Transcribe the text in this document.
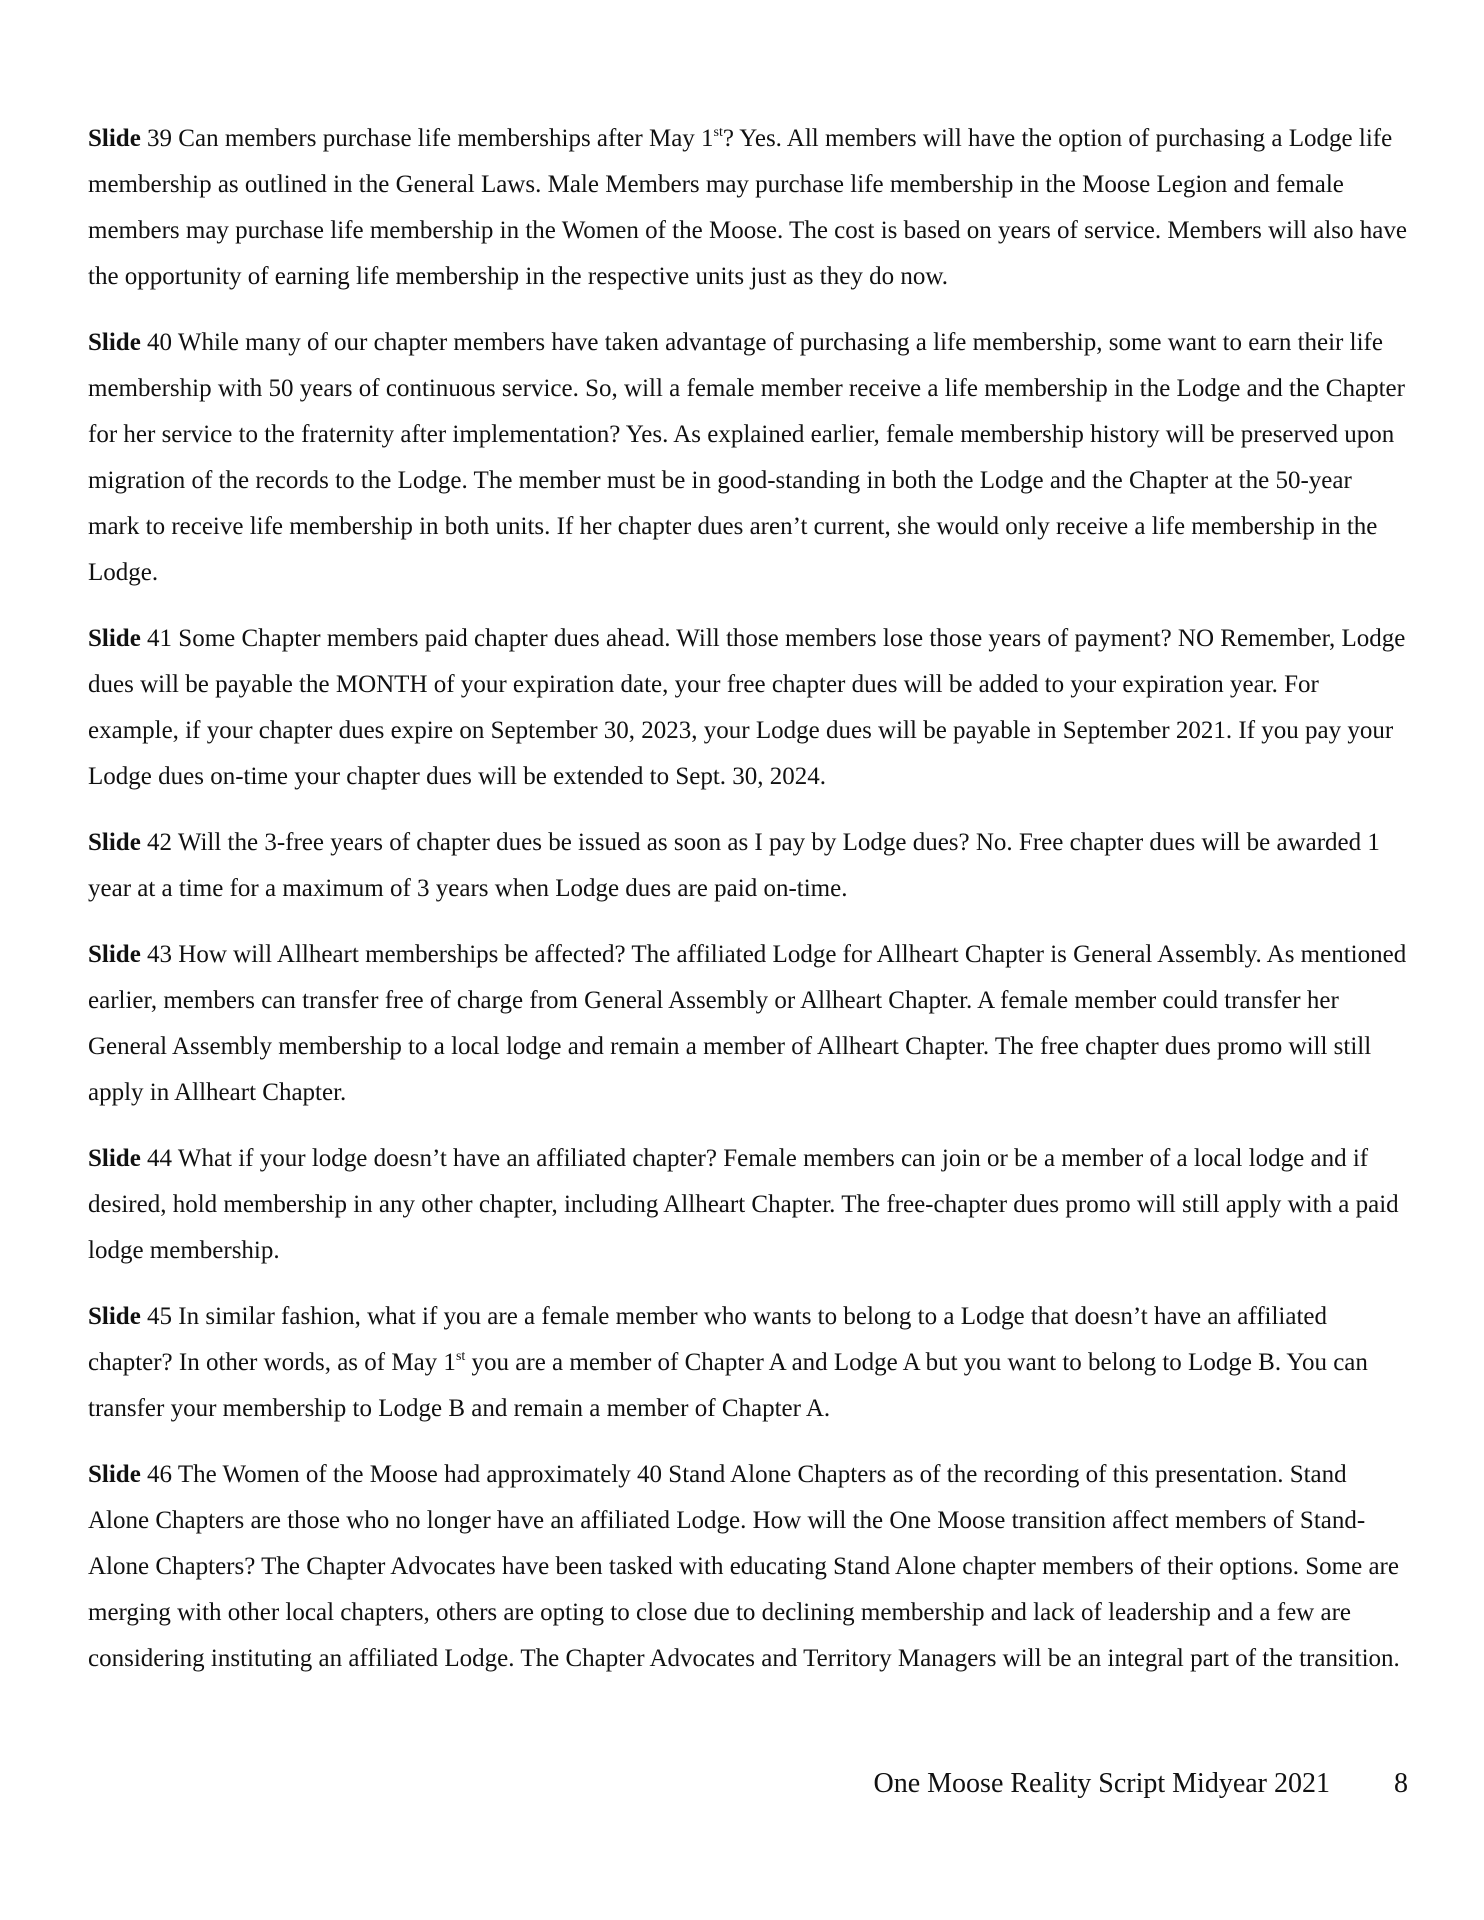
Slide 39 Can members purchase life memberships after May 1st? Yes. All members will have the option of purchasing a Lodge life membership as outlined in the General Laws. Male Members may purchase life membership in the Moose Legion and female members may purchase life membership in the Women of the Moose. The cost is based on years of service. Members will also have the opportunity of earning life membership in the respective units just as they do now.

Slide 40 While many of our chapter members have taken advantage of purchasing a life membership, some want to earn their life membership with 50 years of continuous service. So, will a female member receive a life membership in the Lodge and the Chapter for her service to the fraternity after implementation? Yes. As explained earlier, female membership history will be preserved upon migration of the records to the Lodge. The member must be in good-standing in both the Lodge and the Chapter at the 50-year mark to receive life membership in both units. If her chapter dues aren’t current, she would only receive a life membership in the Lodge.

Slide 41 Some Chapter members paid chapter dues ahead. Will those members lose those years of payment? NO Remember, Lodge dues will be payable the MONTH of your expiration date, your free chapter dues will be added to your expiration year. For example, if your chapter dues expire on September 30, 2023, your Lodge dues will be payable in September 2021. If you pay your Lodge dues on-time your chapter dues will be extended to Sept. 30, 2024.

Slide 42 Will the 3-free years of chapter dues be issued as soon as I pay by Lodge dues? No. Free chapter dues will be awarded 1 year at a time for a maximum of 3 years when Lodge dues are paid on-time.

Slide 43 How will Allheart memberships be affected? The affiliated Lodge for Allheart Chapter is General Assembly. As mentioned earlier, members can transfer free of charge from General Assembly or Allheart Chapter. A female member could transfer her General Assembly membership to a local lodge and remain a member of Allheart Chapter. The free chapter dues promo will still apply in Allheart Chapter.

Slide 44 What if your lodge doesn’t have an affiliated chapter? Female members can join or be a member of a local lodge and if desired, hold membership in any other chapter, including Allheart Chapter. The free-chapter dues promo will still apply with a paid lodge membership.

Slide 45 In similar fashion, what if you are a female member who wants to belong to a Lodge that doesn’t have an affiliated chapter? In other words, as of May 1st you are a member of Chapter A and Lodge A but you want to belong to Lodge B. You can transfer your membership to Lodge B and remain a member of Chapter A.

Slide 46 The Women of the Moose had approximately 40 Stand Alone Chapters as of the recording of this presentation. Stand Alone Chapters are those who no longer have an affiliated Lodge. How will the One Moose transition affect members of Stand-Alone Chapters? The Chapter Advocates have been tasked with educating Stand Alone chapter members of their options. Some are merging with other local chapters, others are opting to close due to declining membership and lack of leadership and a few are considering instituting an affiliated Lodge. The Chapter Advocates and Territory Managers will be an integral part of the transition.

One Moose Reality Script Midyear 2021 8
